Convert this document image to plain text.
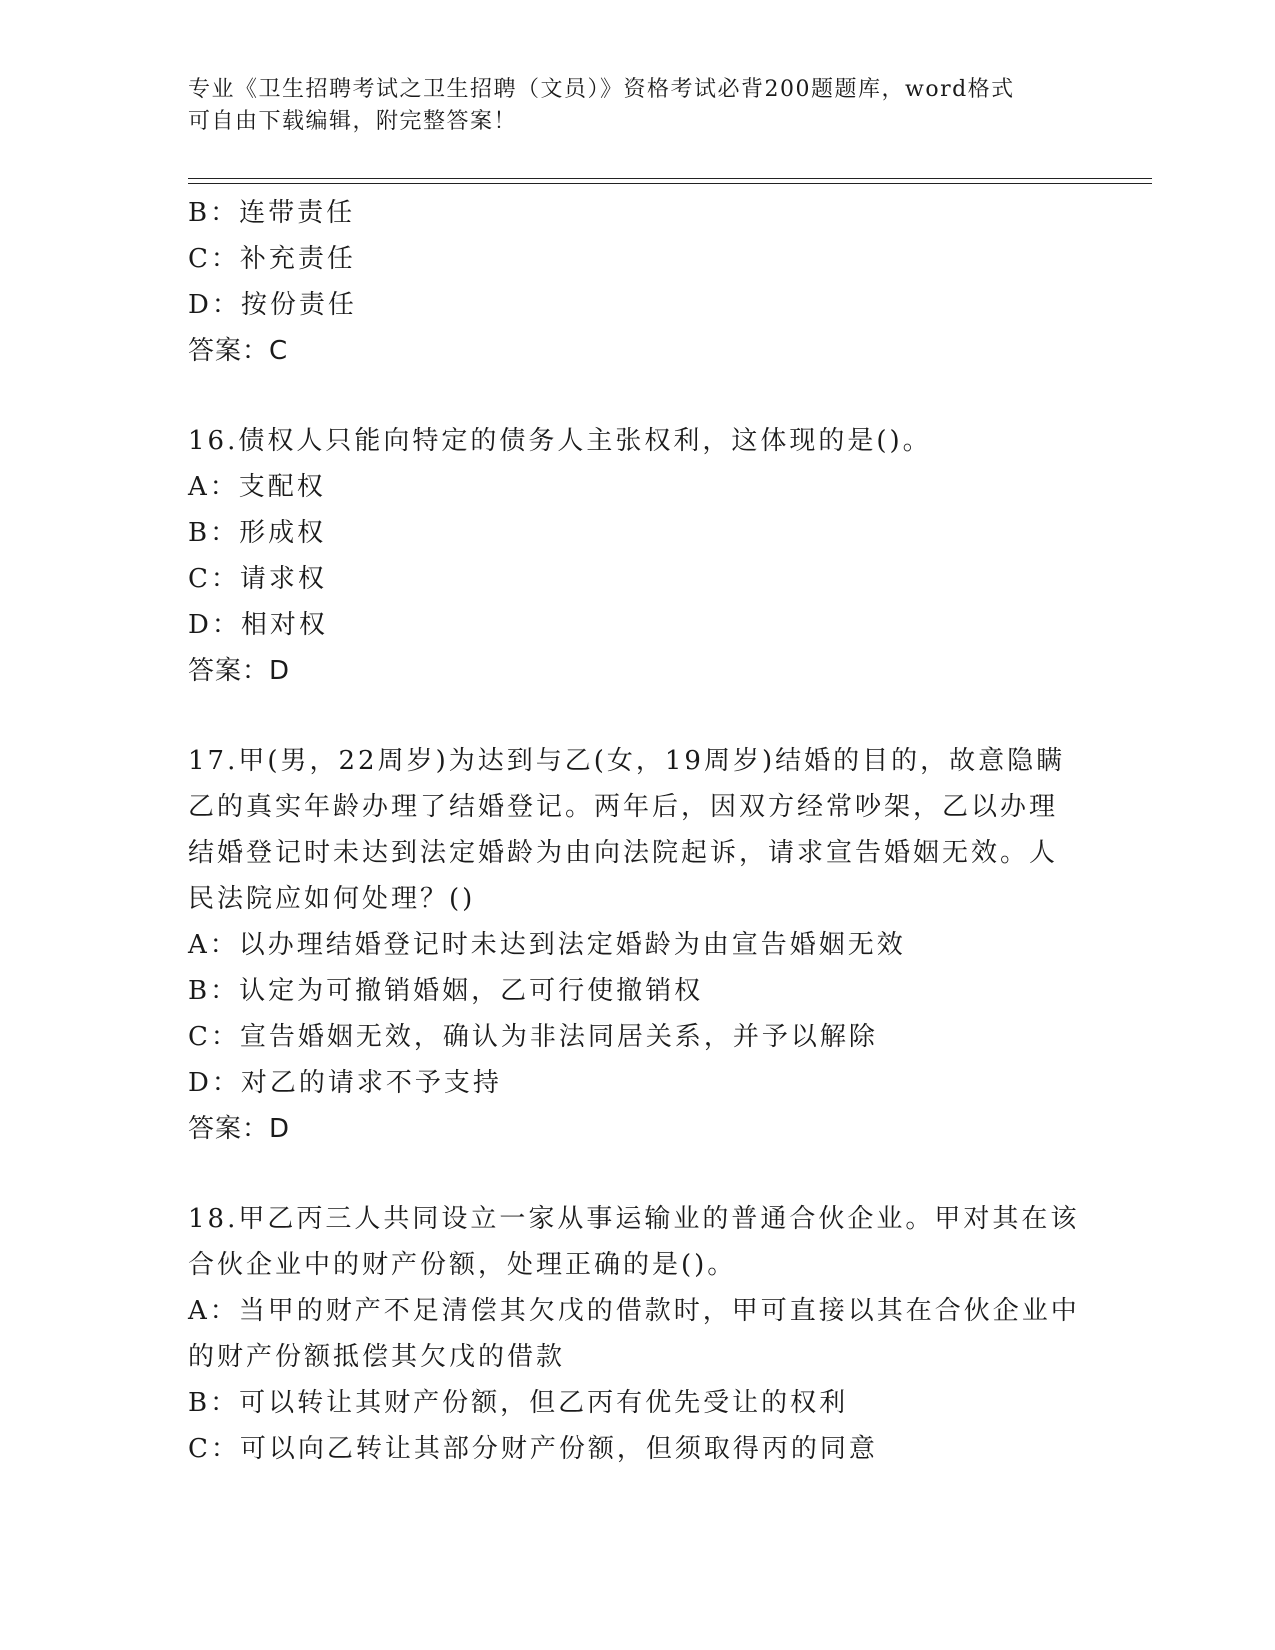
专业《卫生招聘考试之卫生招聘（文员）》资格考试必背200题题库，word格式
可自由下载编辑，附完整答案！
B：连带责任
C：补充责任
D：按份责任
答案：C
16.债权人只能向特定的债务人主张权利，这体现的是()。
A：支配权
B：形成权
C：请求权
D：相对权
答案：D
17.甲(男，22周岁)为达到与乙(女，19周岁)结婚的目的，故意隐瞒
乙的真实年龄办理了结婚登记。两年后，因双方经常吵架，乙以办理
结婚登记时未达到法定婚龄为由向法院起诉，请求宣告婚姻无效。人
民法院应如何处理？()
A：以办理结婚登记时未达到法定婚龄为由宣告婚姻无效
B：认定为可撤销婚姻，乙可行使撤销权
C：宣告婚姻无效，确认为非法同居关系，并予以解除
D：对乙的请求不予支持
答案：D
18.甲乙丙三人共同设立一家从事运输业的普通合伙企业。甲对其在该
合伙企业中的财产份额，处理正确的是()。
A：当甲的财产不足清偿其欠戊的借款时，甲可直接以其在合伙企业中
的财产份额抵偿其欠戊的借款
B：可以转让其财产份额，但乙丙有优先受让的权利
C：可以向乙转让其部分财产份额，但须取得丙的同意
